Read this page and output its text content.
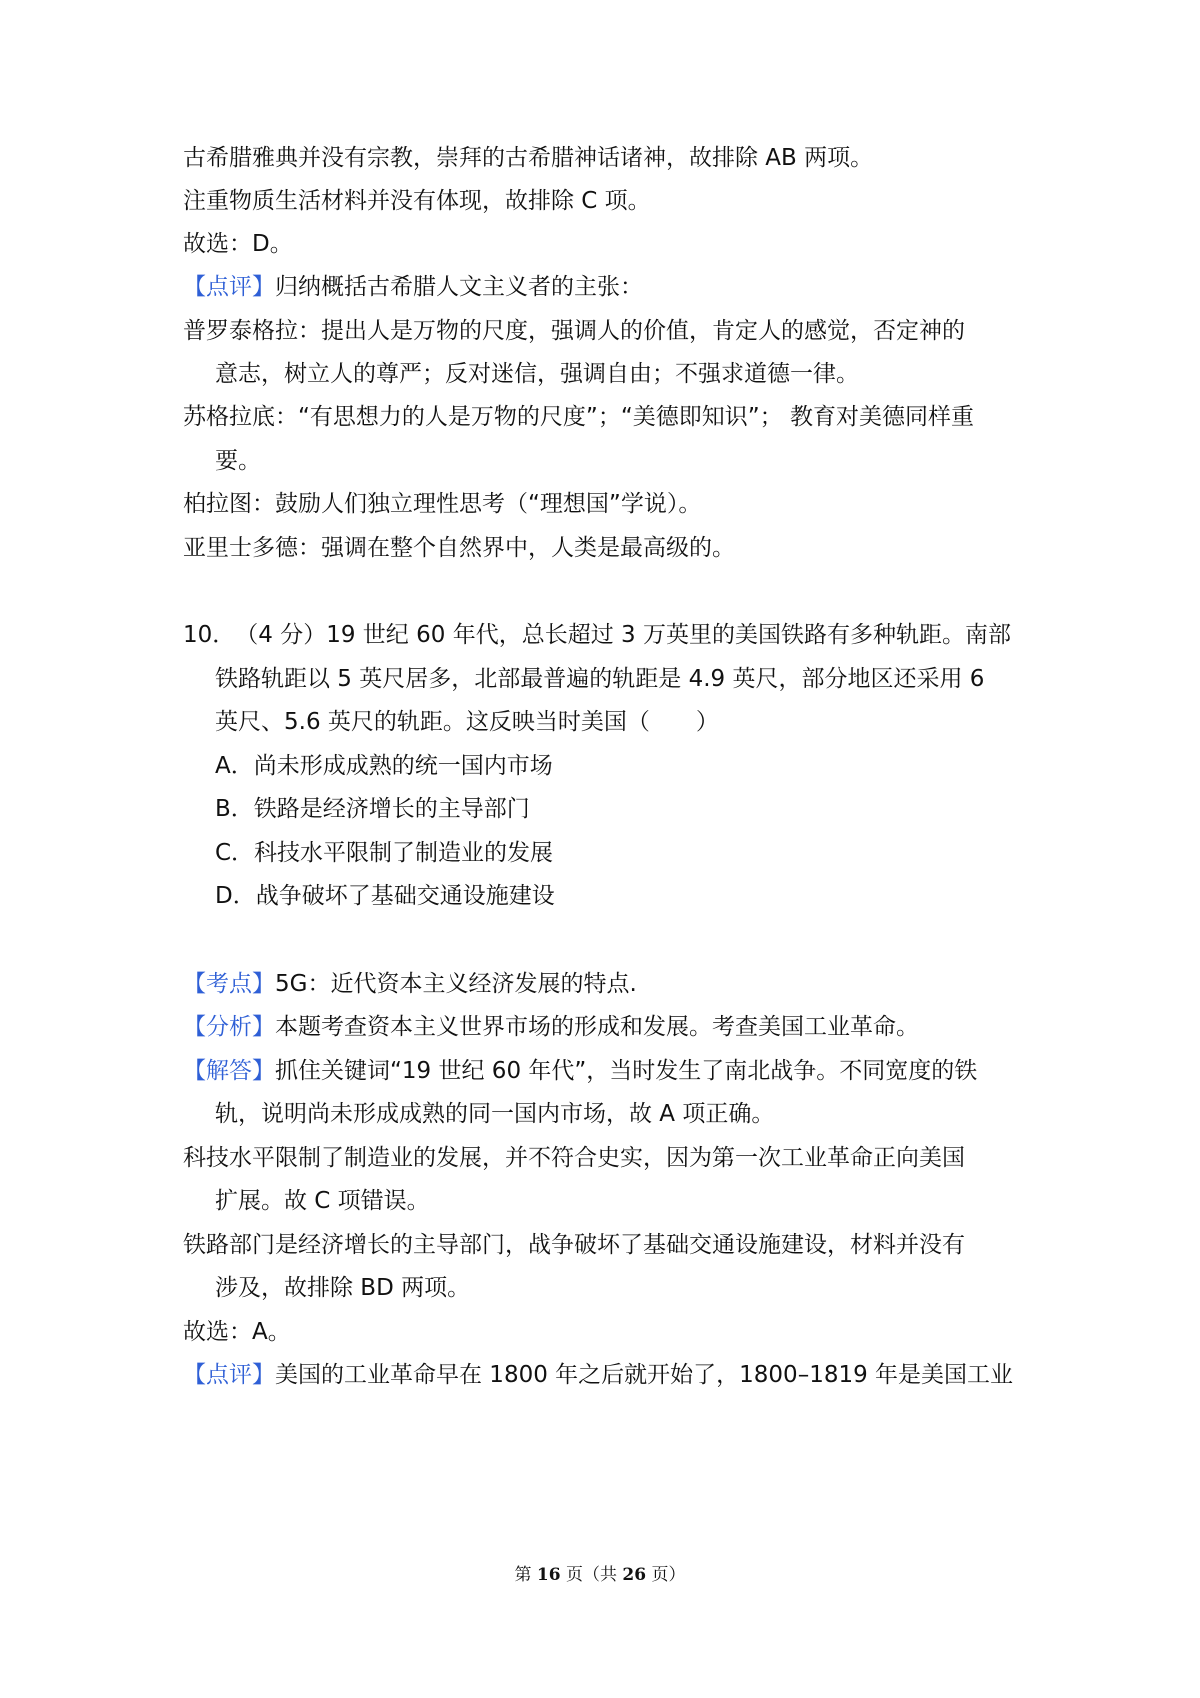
古希腊雅典并没有宗教，崇拜的古希腊神话诸神，故排除 AB 两项。
注重物质生活材料并没有体现，故排除 C 项。
故选：D。
【点评】归纳概括古希腊人文主义者的主张：
普罗泰格拉：提出人是万物的尺度，强调人的价值，肯定人的感觉，否定神的
意志，树立人的尊严；反对迷信，强调自由；不强求道德一律。
苏格拉底：“有思想力的人是万物的尺度”；“美德即知识”； 教育对美德同样重
要。
柏拉图：鼓励人们独立理性思考（“理想国”学说）。
亚里士多德：强调在整个自然界中，人类是最高级的。
10．（4 分）19 世纪 60 年代，总长超过 3 万英里的美国铁路有多种轨距。南部
铁路轨距以 5 英尺居多，北部最普遍的轨距是 4.9 英尺，部分地区还采用 6
英尺、5.6 英尺的轨距。这反映当时美国（　　）
A．尚未形成成熟的统一国内市场
B．铁路是经济增长的主导部门
C．科技水平限制了制造业的发展
D．战争破坏了基础交通设施建设
【考点】5G：近代资本主义经济发展的特点.
【分析】本题考查资本主义世界市场的形成和发展。考查美国工业革命。
【解答】抓住关键词“19 世纪 60 年代”，当时发生了南北战争。不同宽度的铁
轨，说明尚未形成成熟的同一国内市场，故 A 项正确。
科技水平限制了制造业的发展，并不符合史实，因为第一次工业革命正向美国
扩展。故 C 项错误。
铁路部门是经济增长的主导部门，战争破坏了基础交通设施建设，材料并没有
涉及，故排除 BD 两项。
故选：A。
【点评】美国的工业革命早在 1800 年之后就开始了，1800–1819 年是美国工业
第 16 页（共 26 页）
